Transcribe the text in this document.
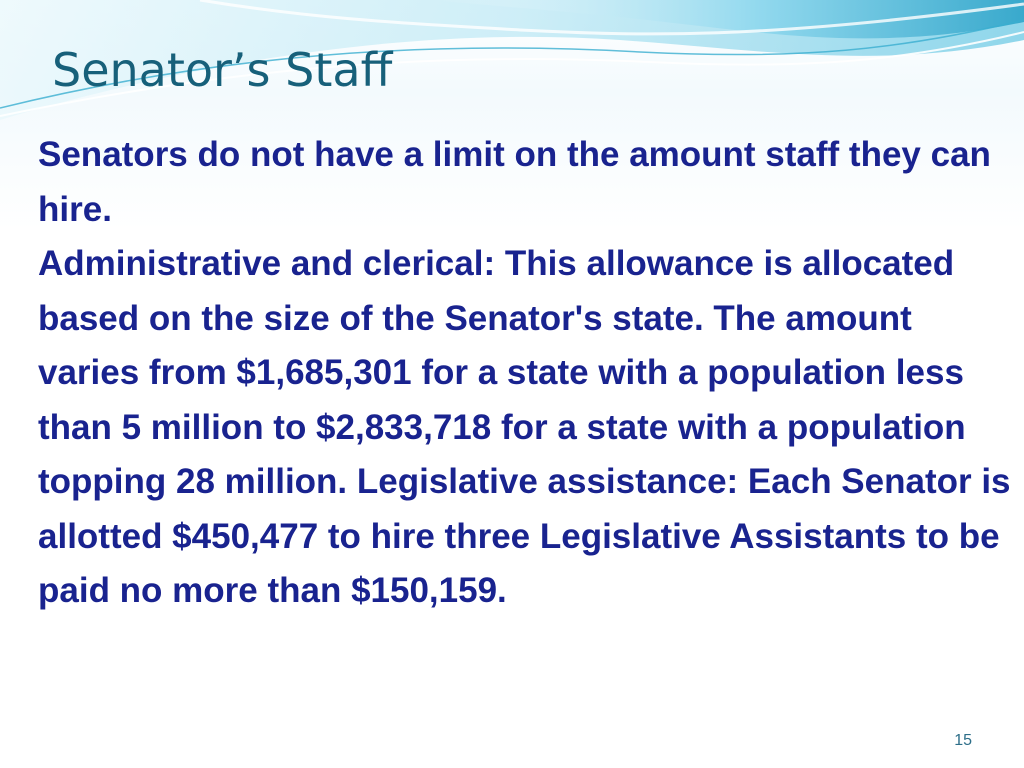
Senator’s Staff

Senators do not have a limit on the amount staff they can hire.

Administrative and clerical: This allowance is allocated based on the size of the Senator's state. The amount varies from $1,685,301 for a state with a population less than 5 million to $2,833,718 for a state with a population topping 28 million. Legislative assistance: Each Senator is allotted $450,477 to hire three Legislative Assistants to be paid no more than $150,159.

15
